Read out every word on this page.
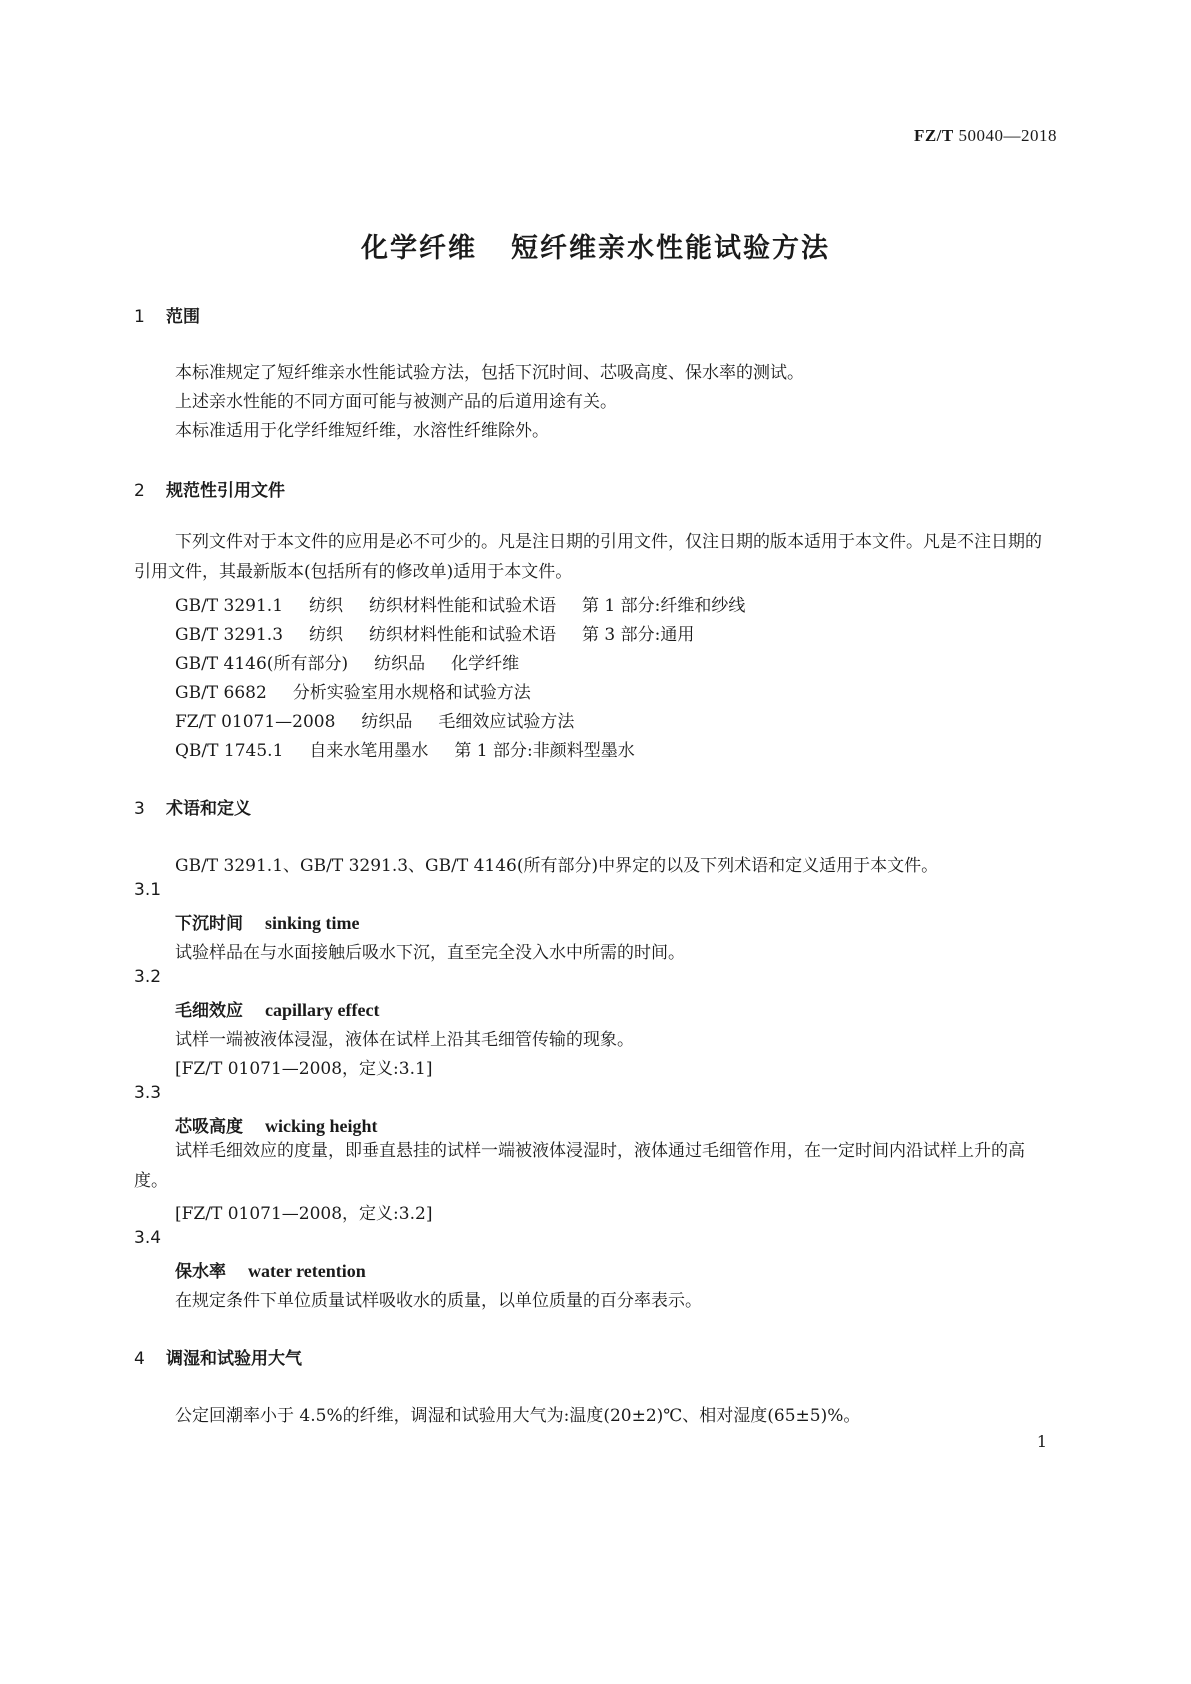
FZ/T 50040—2018
化学纤维 短纤维亲水性能试验方法
1 范围
本标准规定了短纤维亲水性能试验方法，包括下沉时间、芯吸高度、保水率的测试。
上述亲水性能的不同方面可能与被测产品的后道用途有关。
本标准适用于化学纤维短纤维，水溶性纤维除外。
2 规范性引用文件
下列文件对于本文件的应用是必不可少的。凡是注日期的引用文件，仅注日期的版本适用于本文件。凡是不注日期的引用文件，其最新版本(包括所有的修改单)适用于本文件。
GB/T 3291.1 纺织 纺织材料性能和试验术语 第 1 部分:纤维和纱线
GB/T 3291.3 纺织 纺织材料性能和试验术语 第 3 部分:通用
GB/T 4146(所有部分) 纺织品 化学纤维
GB/T 6682 分析实验室用水规格和试验方法
FZ/T 01071—2008 纺织品 毛细效应试验方法
QB/T 1745.1 自来水笔用墨水 第 1 部分:非颜料型墨水
3 术语和定义
GB/T 3291.1、GB/T 3291.3、GB/T 4146(所有部分)中界定的以及下列术语和定义适用于本文件。
3.1
下沉时间 sinking time
试验样品在与水面接触后吸水下沉，直至完全没入水中所需的时间。
3.2
毛细效应 capillary effect
试样一端被液体浸湿，液体在试样上沿其毛细管传输的现象。
[FZ/T 01071—2008，定义:3.1]
3.3
芯吸高度 wicking height
试样毛细效应的度量，即垂直悬挂的试样一端被液体浸湿时，液体通过毛细管作用，在一定时间内沿试样上升的高度。
[FZ/T 01071—2008，定义:3.2]
3.4
保水率 water retention
在规定条件下单位质量试样吸收水的质量，以单位质量的百分率表示。
4 调湿和试验用大气
公定回潮率小于 4.5%的纤维，调湿和试验用大气为:温度(20±2)℃、相对湿度(65±5)%。
1
